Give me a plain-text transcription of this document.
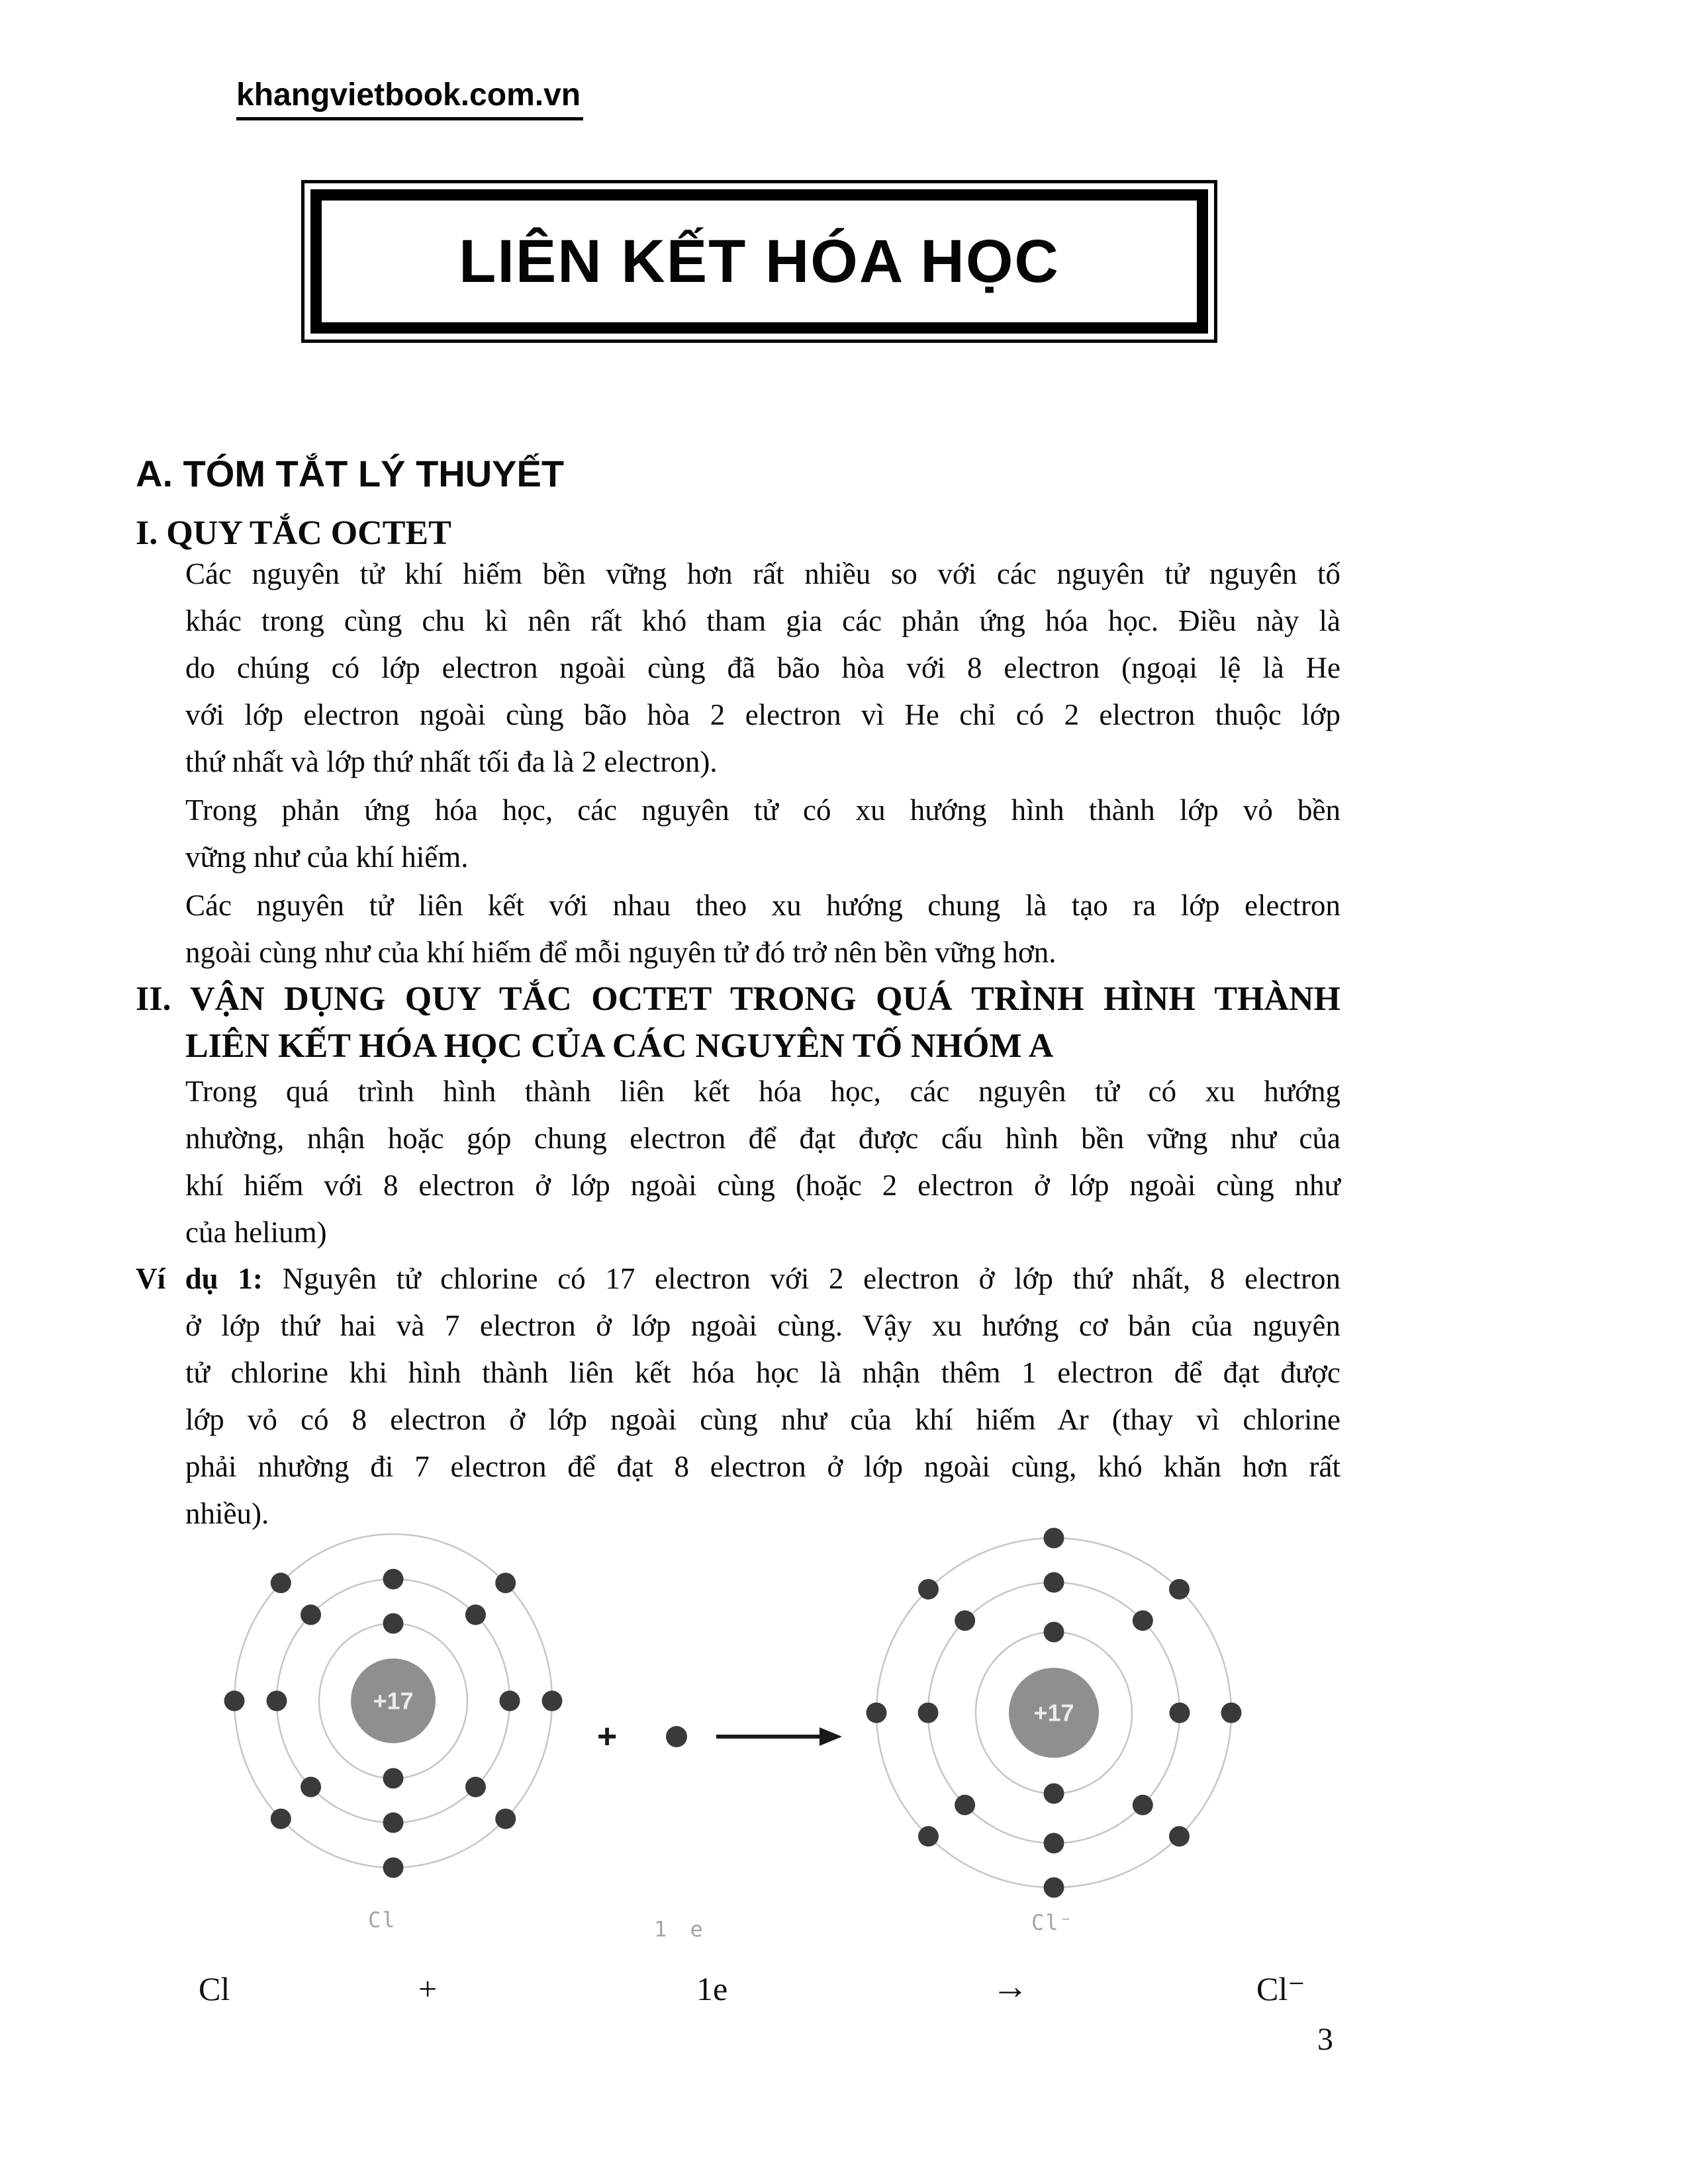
khangvietbook.com.vn
LIÊN KẾT HÓA HỌC
A. TÓM TẮT LÝ THUYẾT
I. QUY TẮC OCTET
Các nguyên tử khí hiếm bền vững hơn rất nhiều so với các nguyên tử nguyên tố
khác trong cùng chu kì nên rất khó tham gia các phản ứng hóa học. Điều này là
do chúng có lớp electron ngoài cùng đã bão hòa với 8 electron (ngoại lệ là He
với lớp electron ngoài cùng bão hòa 2 electron vì He chỉ có 2 electron thuộc lớp
thứ nhất và lớp thứ nhất tối đa là 2 electron).
Trong phản ứng hóa học, các nguyên tử có xu hướng hình thành lớp vỏ bền
vững như của khí hiếm.
Các nguyên tử liên kết với nhau theo xu hướng chung là tạo ra lớp electron
ngoài cùng như của khí hiếm để mỗi nguyên tử đó trở nên bền vững hơn.
II. VẬN DỤNG QUY TẮC OCTET TRONG QUÁ TRÌNH HÌNH THÀNH
LIÊN KẾT HÓA HỌC CỦA CÁC NGUYÊN TỐ NHÓM A
Trong quá trình hình thành liên kết hóa học, các nguyên tử có xu hướng
nhường, nhận hoặc góp chung electron để đạt được cấu hình bền vững như của
khí hiếm với 8 electron ở lớp ngoài cùng (hoặc 2 electron ở lớp ngoài cùng như
của helium)
Ví dụ 1: Nguyên tử chlorine có 17 electron với 2 electron ở lớp thứ nhất, 8 electron
ở lớp thứ hai và 7 electron ở lớp ngoài cùng. Vậy xu hướng cơ bản của nguyên
tử chlorine khi hình thành liên kết hóa học là nhận thêm 1 electron để đạt được
lớp vỏ có 8 electron ở lớp ngoài cùng như của khí hiếm Ar (thay vì chlorine
phải nhường đi 7 electron để đạt 8 electron ở lớp ngoài cùng, khó khăn hơn rất
nhiều).
+17	+17
+
Cl	1 e	Cl⁻
Cl	+	1e	→	Cl⁻
3
